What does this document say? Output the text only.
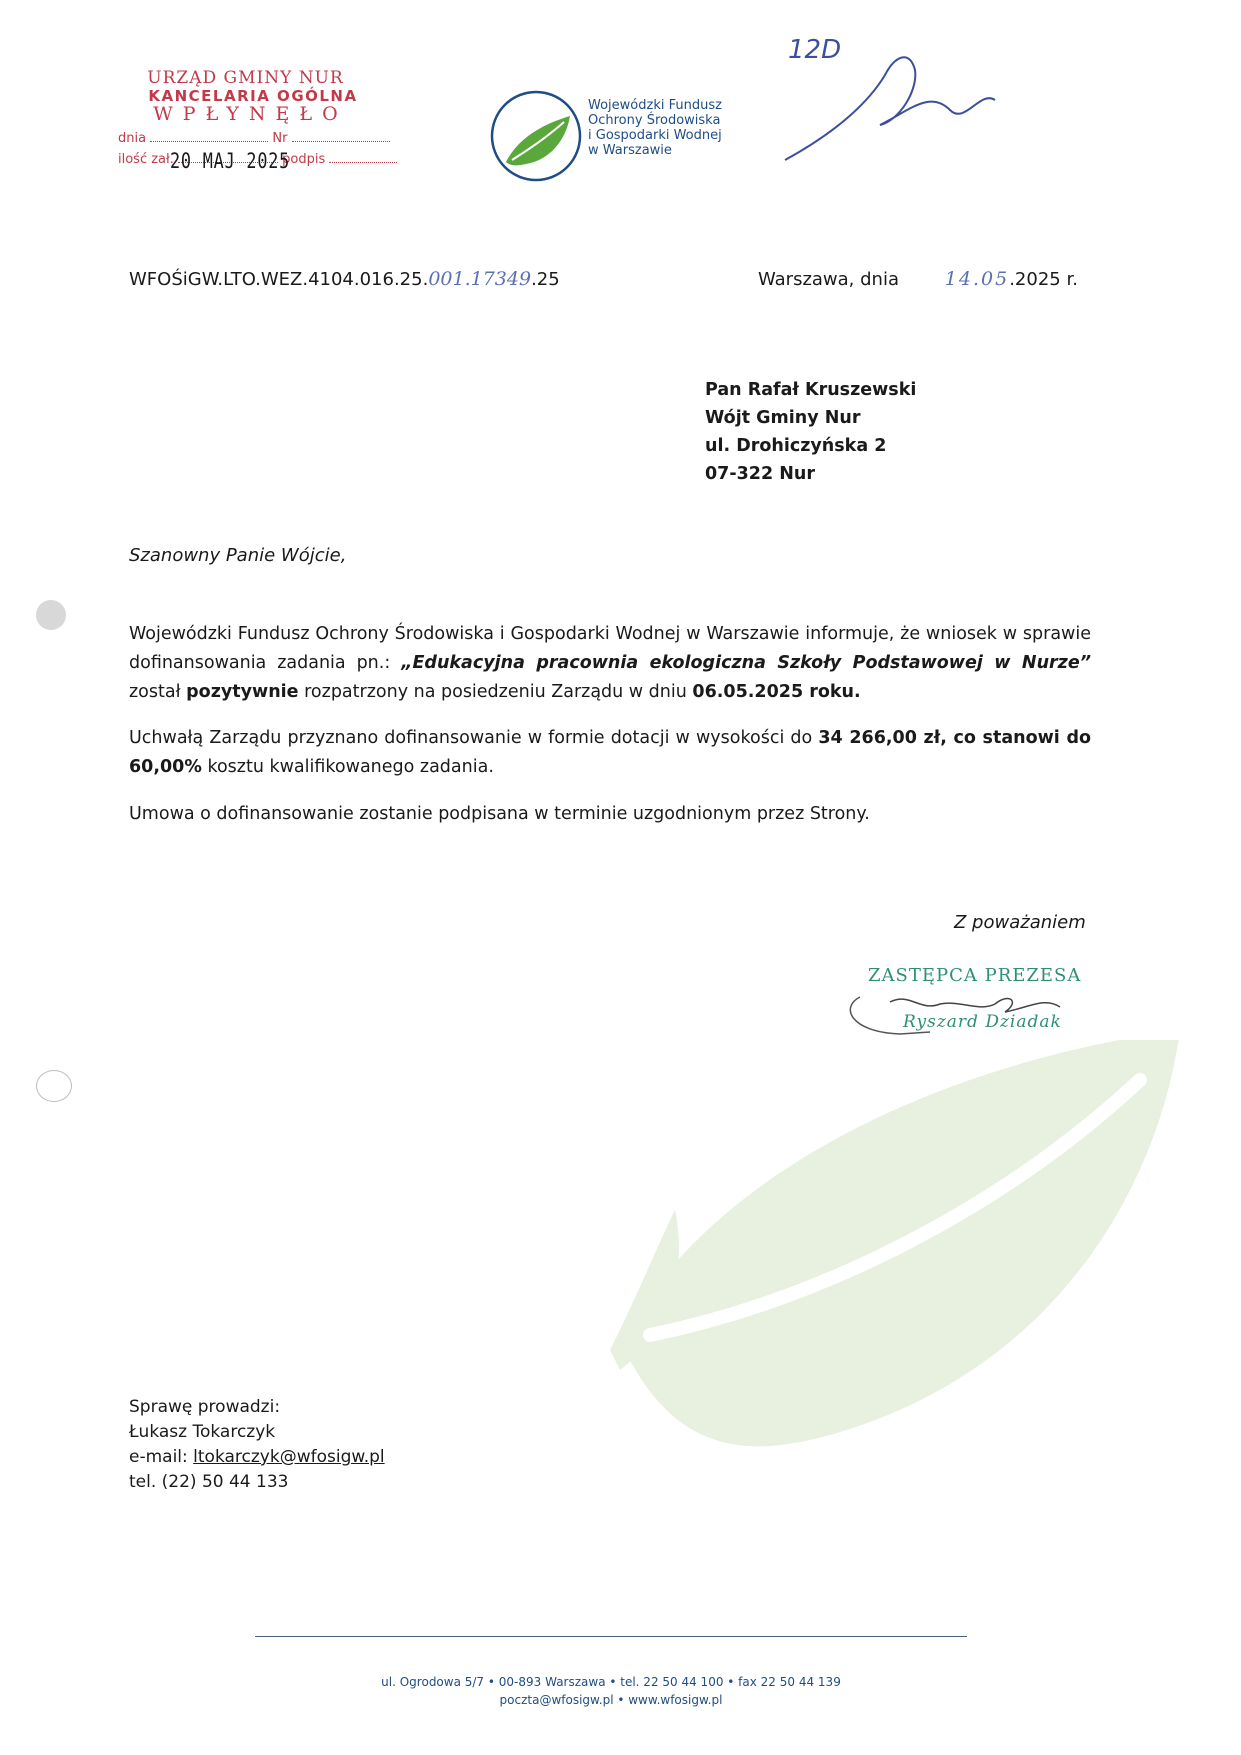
URZĄD GMINY NUR
KANCELARIA OGÓLNA
WPŁYNĘŁO
dnia	Nr
ilość zał.	podpis
20 MAJ 2025
Wojewódzki Fundusz
Ochrony Środowiska
i Gospodarki Wodnej
w Warszawie
12D
WFOŚiGW.LTO.WEZ.4104.016.25.001.17349.25	Warszawa, dnia 14.05.2025 r.
Pan Rafał Kruszewski
Wójt Gminy Nur
ul. Drohiczyńska 2
07-322 Nur
Szanowny Panie Wójcie,
Wojewódzki Fundusz Ochrony Środowiska i Gospodarki Wodnej w Warszawie informuje, że wniosek w sprawie dofinansowania zadania pn.: „Edukacyjna pracownia ekologiczna Szkoły Podstawowej w Nurze” został pozytywnie rozpatrzony na posiedzeniu Zarządu w dniu 06.05.2025 roku.
Uchwałą Zarządu przyznano dofinansowanie w formie dotacji w wysokości do 34 266,00 zł, co stanowi do 60,00% kosztu kwalifikowanego zadania.
Umowa o dofinansowanie zostanie podpisana w terminie uzgodnionym przez Strony.
Z poważaniem
ZASTĘPCA PREZESA
Ryszard Dziadak
Sprawę prowadzi:
Łukasz Tokarczyk
e-mail: ltokarczyk@wfosigw.pl
tel. (22) 50 44 133
ul. Ogrodowa 5/7 • 00-893 Warszawa • tel. 22 50 44 100 • fax 22 50 44 139
poczta@wfosigw.pl • www.wfosigw.pl
